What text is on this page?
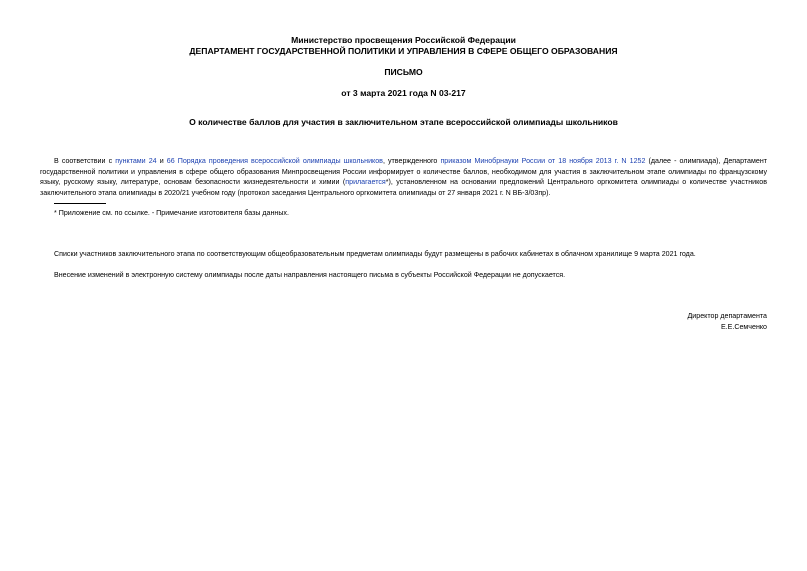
Министерство просвещения Российской Федерации
ДЕПАРТАМЕНТ ГОСУДАРСТВЕННОЙ ПОЛИТИКИ И УПРАВЛЕНИЯ В СФЕРЕ ОБЩЕГО ОБРАЗОВАНИЯ
ПИСЬМО
от 3 марта 2021 года N 03-217
О количестве баллов для участия в заключительном этапе всероссийской олимпиады школьников
В соответствии с пунктами 24 и 66 Порядка проведения всероссийской олимпиады школьников, утвержденного приказом Минобрнауки России от 18 ноября 2013 г. N 1252 (далее - олимпиада), Департамент государственной политики и управления в сфере общего образования Минпросвещения России информирует о количестве баллов, необходимом для участия в заключительном этапе олимпиады по французскому языку, русскому языку, литературе, основам безопасности жизнедеятельности и химии (прилагается*), установленном на основании предложений Центрального оргкомитета олимпиады о количестве участников заключительного этапа олимпиады в 2020/21 учебном году (протокол заседания Центрального оргкомитета олимпиады от 27 января 2021 г. N ВБ-3/03пр).
* Приложение см. по ссылке. - Примечание изготовителя базы данных.
Списки участников заключительного этапа по соответствующим общеобразовательным предметам олимпиады будут размещены в рабочих кабинетах в облачном хранилище 9 марта 2021 года.
Внесение изменений в электронную систему олимпиады после даты направления настоящего письма в субъекты Российской Федерации не допускается.
Директор департамента
Е.Е.Семченко
